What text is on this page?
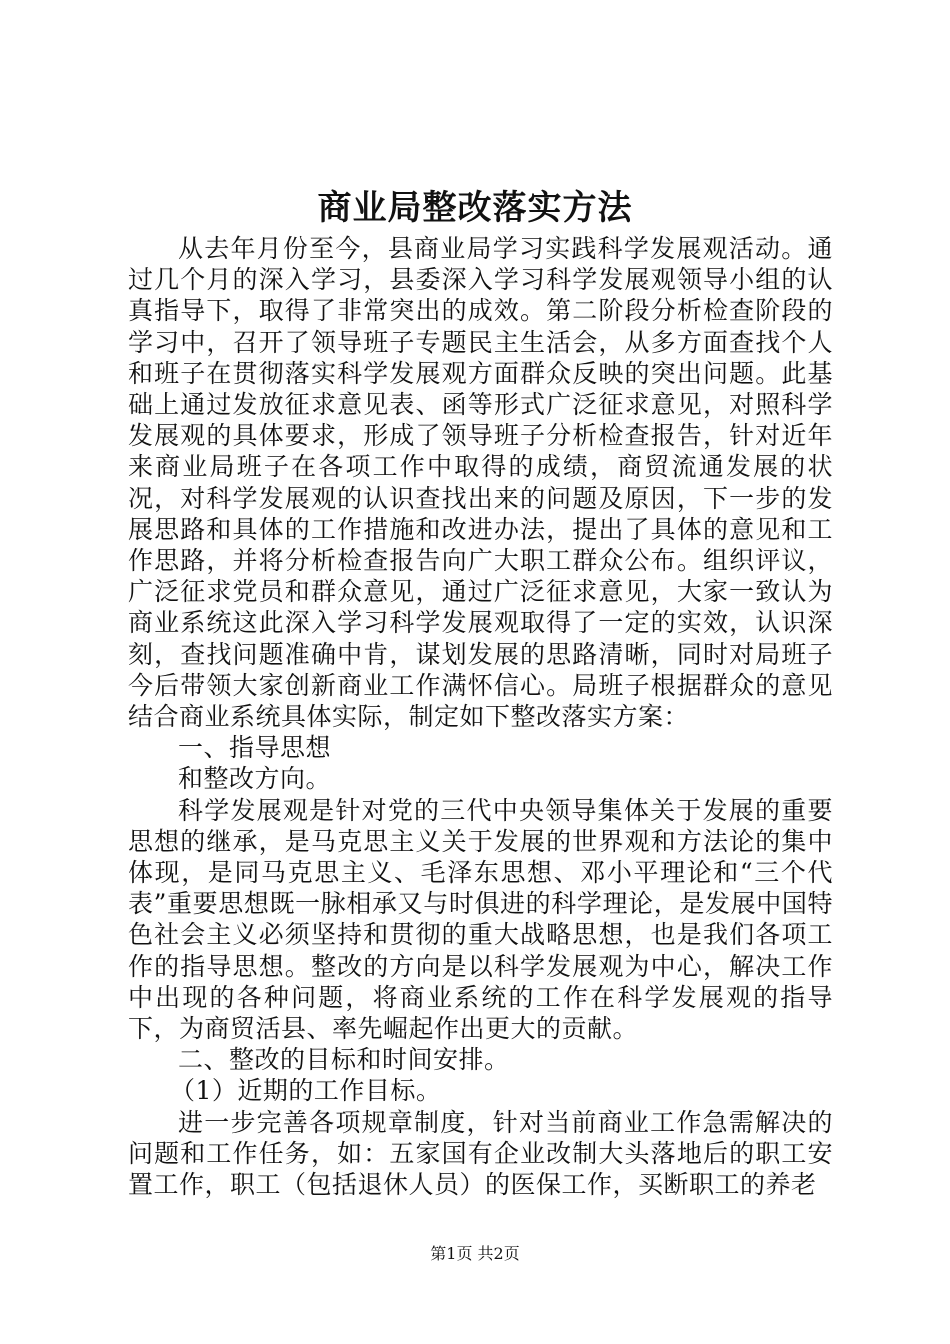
商业局整改落实方法

从去年月份至今，县商业局学习实践科学发展观活动。通过几个月的深入学习，县委深入学习科学发展观领导小组的认真指导下，取得了非常突出的成效。第二阶段分析检查阶段的学习中，召开了领导班子专题民主生活会，从多方面查找个人和班子在贯彻落实科学发展观方面群众反映的突出问题。此基础上通过发放征求意见表、函等形式广泛征求意见，对照科学发展观的具体要求，形成了领导班子分析检查报告，针对近年来商业局班子在各项工作中取得的成绩，商贸流通发展的状况，对科学发展观的认识查找出来的问题及原因，下一步的发展思路和具体的工作措施和改进办法，提出了具体的意见和工作思路，并将分析检查报告向广大职工群众公布。组织评议，广泛征求党员和群众意见，通过广泛征求意见，大家一致认为商业系统这此深入学习科学发展观取得了一定的实效，认识深刻，查找问题准确中肯，谋划发展的思路清晰，同时对局班子今后带领大家创新商业工作满怀信心。局班子根据群众的意见结合商业系统具体实际，制定如下整改落实方案：

一、指导思想

和整改方向。

科学发展观是针对党的三代中央领导集体关于发展的重要思想的继承，是马克思主义关于发展的世界观和方法论的集中体现，是同马克思主义、毛泽东思想、邓小平理论和“三个代表”重要思想既一脉相承又与时俱进的科学理论，是发展中国特色社会主义必须坚持和贯彻的重大战略思想，也是我们各项工作的指导思想。整改的方向是以科学发展观为中心，解决工作中出现的各种问题，将商业系统的工作在科学发展观的指导下，为商贸活县、率先崛起作出更大的贡献。

二、整改的目标和时间安排。

（1）近期的工作目标。

进一步完善各项规章制度，针对当前商业工作急需解决的问题和工作任务，如：五家国有企业改制大头落地后的职工安置工作，职工（包括退休人员）的医保工作，买断职工的养老

第1页 共2页
